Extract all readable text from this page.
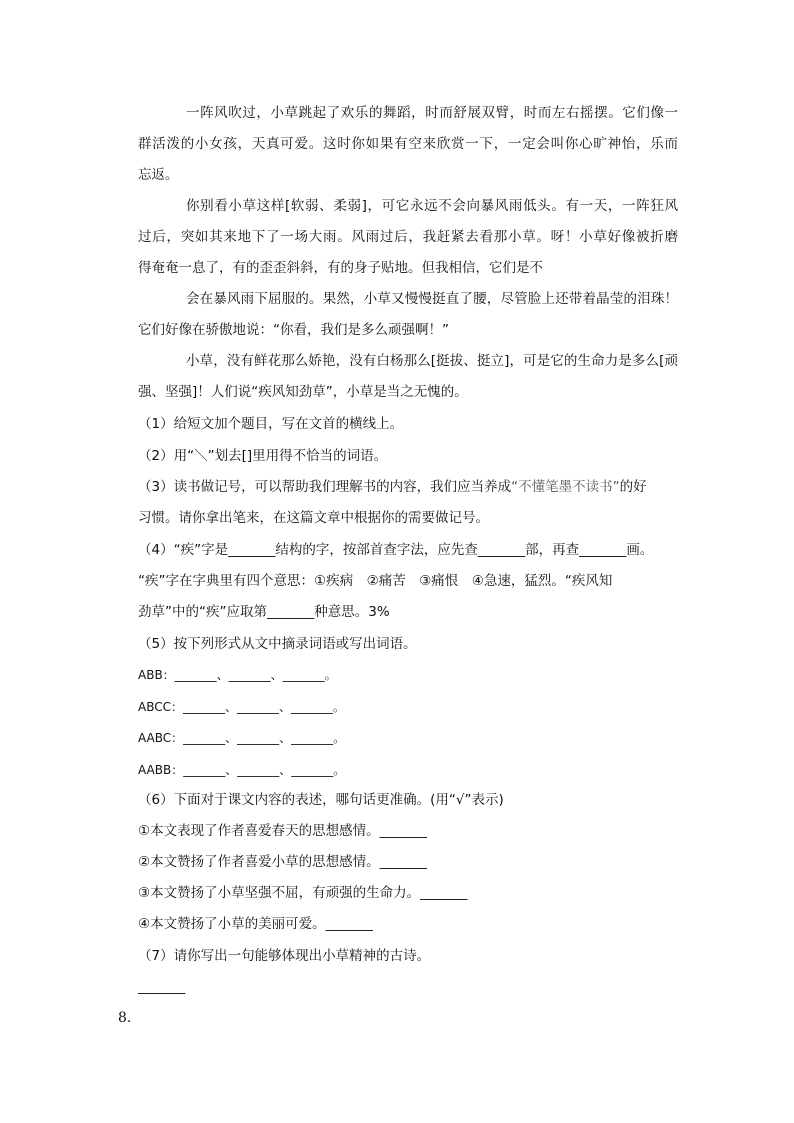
一阵风吹过，小草跳起了欢乐的舞蹈，时而舒展双臂，时而左右摇摆。它们像一
群活泼的小女孩，天真可爱。这时你如果有空来欣赏一下，一定会叫你心旷神怡，乐而
忘返。
你别看小草这样[软弱、柔弱]，可它永远不会向暴风雨低头。有一天，一阵狂风
过后，突如其来地下了一场大雨。风雨过后，我赶紧去看那小草。呀！小草好像被折磨
得奄奄一息了，有的歪歪斜斜，有的身子贴地。但我相信，它们是不
会在暴风雨下屈服的。果然，小草又慢慢挺直了腰，尽管脸上还带着晶莹的泪珠！
它们好像在骄傲地说：“你看，我们是多么顽强啊！”
小草，没有鲜花那么娇艳，没有白杨那么[挺拔、挺立]，可是它的生命力是多么[顽
强、坚强]！人们说“疾风知劲草”，小草是当之无愧的。
（1）给短文加个题目，写在文首的横线上。
（2）用“＼”划去[]里用得不恰当的词语。
（3）读书做记号，可以帮助我们理解书的内容，我们应当养成“不懂笔墨不读书”的好
习惯。请你拿出笔来，在这篇文章中根据你的需要做记号。
（4）“疾”字是_______结构的字，按部首查字法，应先查_______部，再查_______画。
“疾”字在字典里有四个意思：①疾病　②痛苦　③痛恨　④急速，猛烈。“疾风知
劲草”中的“疾”应取第_______种意思。3%
（5）按下列形式从文中摘录词语或写出词语。
ABB：_______、_______、_______。
ABCC：_______、_______、_______。
AABC：_______、_______、_______。
AABB：_______、_______、_______。
（6）下面对于课文内容的表述，哪句话更准确。(用“√”表示)
①本文表现了作者喜爱春天的思想感情。_______
②本文赞扬了作者喜爱小草的思想感情。_______
③本文赞扬了小草坚强不屈，有顽强的生命力。_______
④本文赞扬了小草的美丽可爱。_______
（7）请你写出一句能够体现出小草精神的古诗。
_______
8.
